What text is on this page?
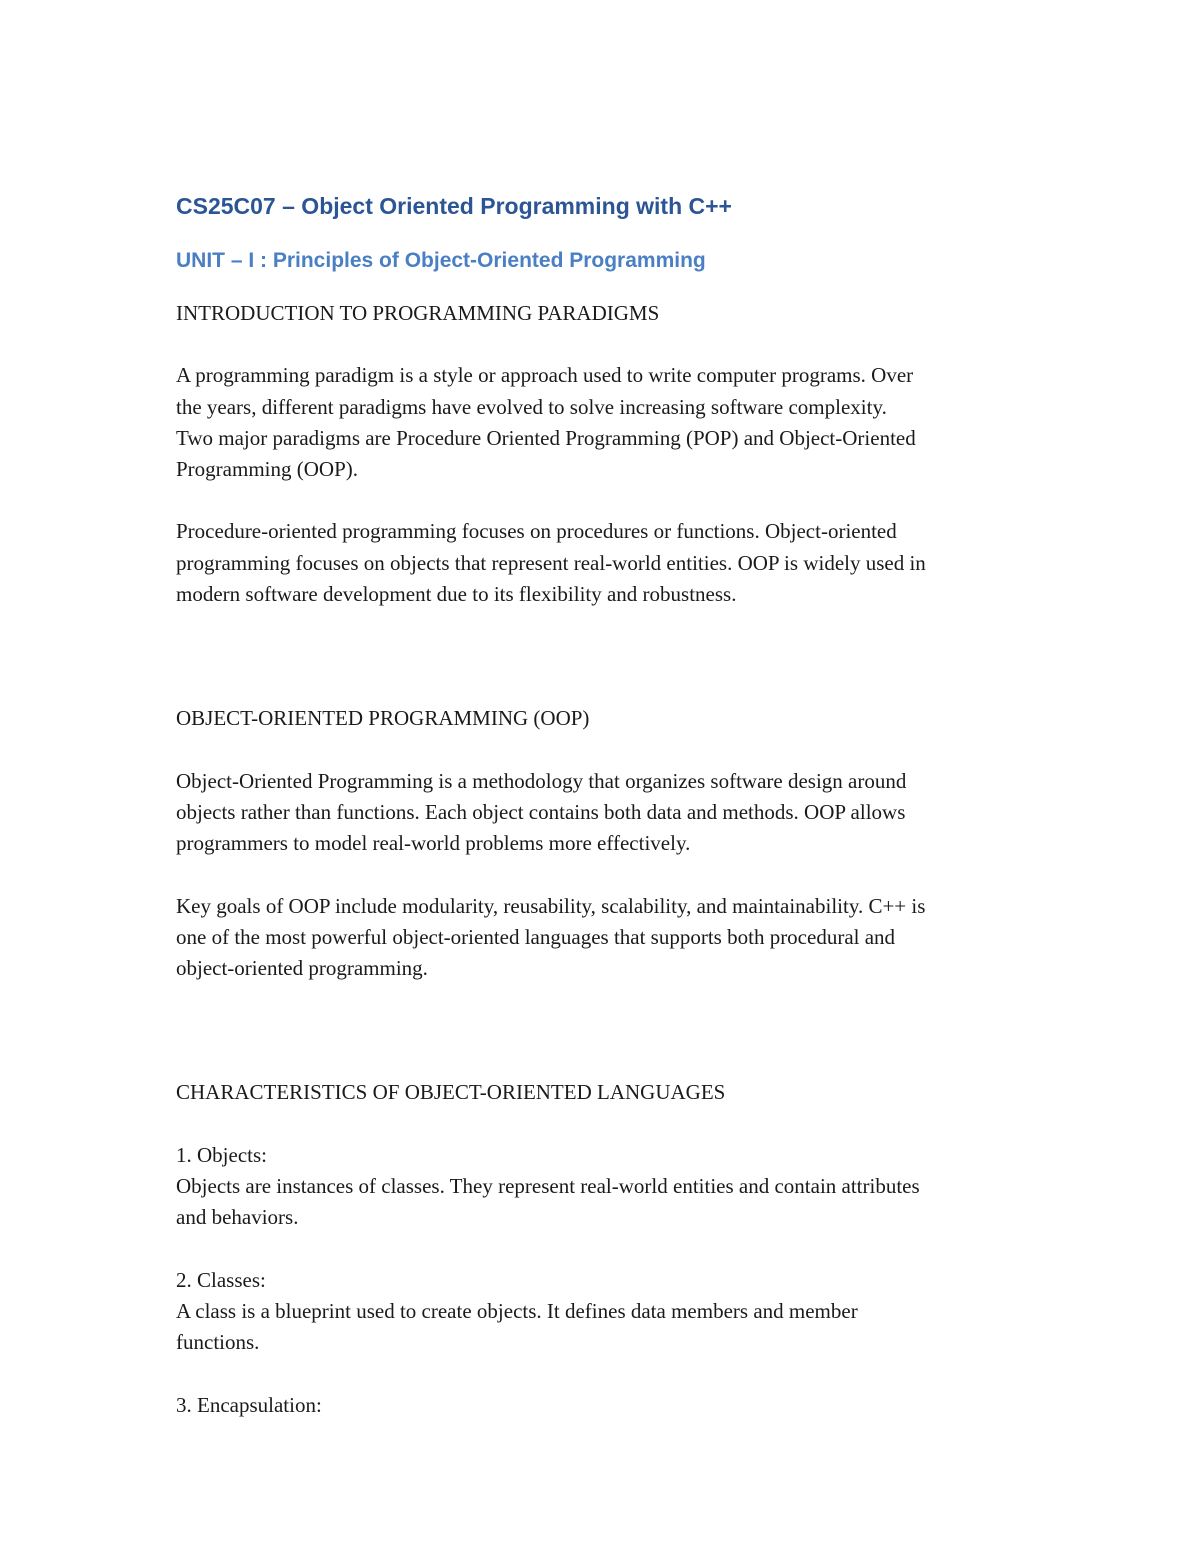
CS25C07 – Object Oriented Programming with C++
UNIT – I : Principles of Object-Oriented Programming

INTRODUCTION TO PROGRAMMING PARADIGMS

A programming paradigm is a style or approach used to write computer programs. Over
the years, different paradigms have evolved to solve increasing software complexity.
Two major paradigms are Procedure Oriented Programming (POP) and Object-Oriented
Programming (OOP).

Procedure-oriented programming focuses on procedures or functions. Object-oriented
programming focuses on objects that represent real-world entities. OOP is widely used in
modern software development due to its flexibility and robustness.

OBJECT-ORIENTED PROGRAMMING (OOP)

Object-Oriented Programming is a methodology that organizes software design around
objects rather than functions. Each object contains both data and methods. OOP allows
programmers to model real-world problems more effectively.

Key goals of OOP include modularity, reusability, scalability, and maintainability. C++ is
one of the most powerful object-oriented languages that supports both procedural and
object-oriented programming.

CHARACTERISTICS OF OBJECT-ORIENTED LANGUAGES

1. Objects:
Objects are instances of classes. They represent real-world entities and contain attributes
and behaviors.

2. Classes:
A class is a blueprint used to create objects. It defines data members and member
functions.

3. Encapsulation:
